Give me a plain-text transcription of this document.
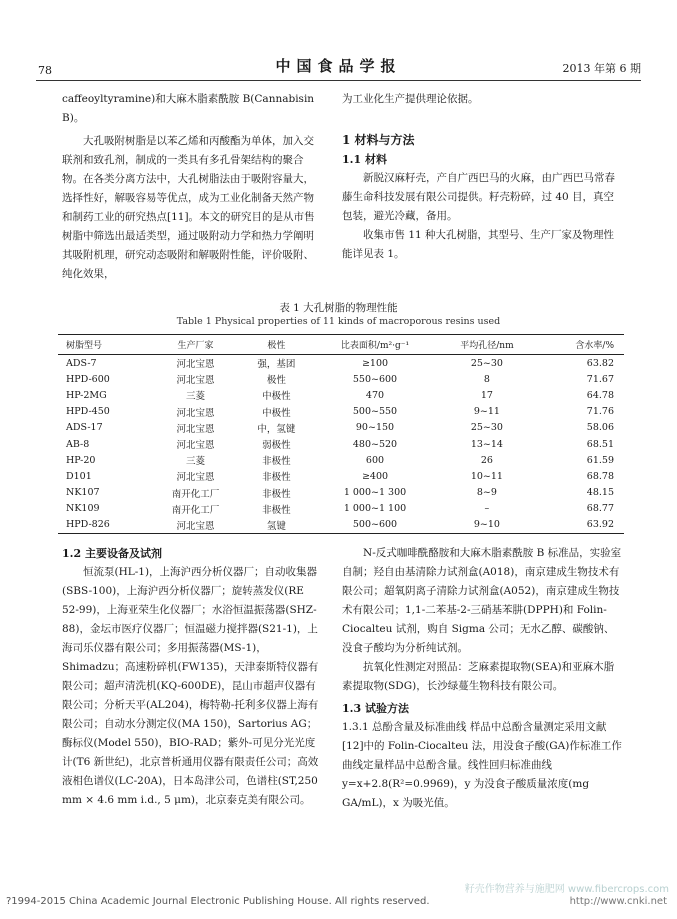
78	中国食品学报	2013 年第 6 期

caffeoyltyramine)和大麻木脂素酰胺 B(Cannabisin B)。

大孔吸附树脂是以苯乙烯和丙酸酯为单体，加入交联剂和致孔剂，制成的一类具有多孔骨架结构的聚合物。在各类分离方法中，大孔树脂法由于吸附容量大，选择性好，解吸容易等优点，成为工业化制备天然产物和制药工业的研究热点[11]。本文的研究目的是从市售树脂中筛选出最适类型，通过吸附动力学和热力学阐明其吸附机理，研究动态吸附和解吸附性能，评价吸附、纯化效果，

为工业化生产提供理论依据。

1 材料与方法

1.1 材料

新脱汉麻籽壳，产自广西巴马的火麻，由广西巴马常春藤生命科技发展有限公司提供。籽壳粉碎，过 40 目，真空包装，避光冷藏，备用。

收集市售 11 种大孔树脂，其型号、生产厂家及物理性能详见表 1。

表 1 大孔树脂的物理性能
Table 1 Physical properties of 11 kinds of macroporous resins used
树脂型号	生产厂家	极性	比表面积/m²·g⁻¹	平均孔径/nm	含水率/%
ADS-7	河北宝恩	强，基团	≥100	25~30	63.82
HPD-600	河北宝恩	极性	550~600	8	71.67
HP-2MG	三菱	中极性	470	17	64.78
HPD-450	河北宝恩	中极性	500~550	9~11	71.76
ADS-17	河北宝恩	中，氢键	90~150	25~30	58.06
AB-8	河北宝恩	弱极性	480~520	13~14	68.51
HP-20	三菱	非极性	600	26	61.59
D101	河北宝恩	非极性	≥400	10~11	68.78
NK107	南开化工厂	非极性	1 000~1 300	8~9	48.15
NK109	南开化工厂	非极性	1 000~1 100	–	68.77
HPD-826	河北宝恩	氢键	500~600	9~10	63.92

1.2 主要设备及试剂

恒流泵(HL-1)，上海沪西分析仪器厂；自动收集器(SBS-100)，上海沪西分析仪器厂；旋转蒸发仪(RE 52-99)，上海亚荣生化仪器厂；水浴恒温振荡器(SHZ-88)，金坛市医疗仪器厂；恒温磁力搅拌器(S21-1)，上海司乐仪器有限公司；多用振荡器(MS-1)，Shimadzu；高速粉碎机(FW135)，天津泰斯特仪器有限公司；超声清洗机(KQ-600DE)，昆山市超声仪器有限公司；分析天平(AL204)，梅特勒-托利多仪器上海有限公司；自动水分测定仪(MA 150)，Sartorius AG；酶标仪(Model 550)，BIO-RAD；紫外-可见分光光度计(T6 新世纪)，北京普析通用仪器有限责任公司；高效液相色谱仪(LC-20A)，日本岛津公司，色谱柱(ST,250 mm × 4.6 mm i.d., 5 μm)，北京泰克美有限公司。

N-反式咖啡酰酪胺和大麻木脂素酰胺 B 标准品，实验室自制；羟自由基清除力试剂盒(A018)，南京建成生物技术有限公司；超氧阴离子清除力试剂盒(A052)，南京建成生物技术有限公司；1,1-二苯基-2-三硝基苯肼(DPPH)和 Folin-Ciocalteu 试剂，购自 Sigma 公司；无水乙醇、碳酸钠、没食子酸均为分析纯试剂。

抗氧化性测定对照品：芝麻素提取物(SEA)和亚麻木脂素提取物(SDG)，长沙绿蔓生物科技有限公司。

1.3 试验方法

1.3.1 总酚含量及标准曲线 样品中总酚含量测定采用文献[12]中的 Folin-Ciocalteu 法，用没食子酸(GA)作标准工作曲线定量样品中总酚含量。线性回归标准曲线 y=x+2.8(R²=0.9969)，y 为没食子酸质量浓度(mg GA/mL)，x 为吸光值。

籽壳作物营养与施肥网 www.fibercrops.com
?1994-2015 China Academic Journal Electronic Publishing House. All rights reserved.	http://www.cnki.net
